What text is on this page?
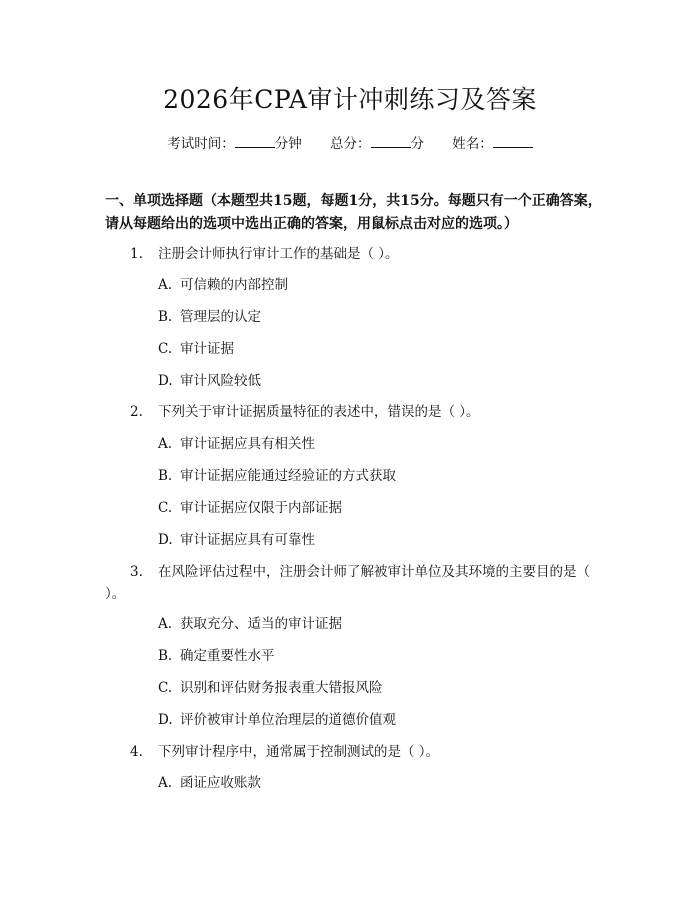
2026年CPA审计冲刺练习及答案
考试时间：	分钟 总分：	分 姓名：
一、单项选择题（本题型共15题，每题1分，共15分。每题只有一个正确答案，请从每题给出的选项中选出正确的答案，用鼠标点击对应的选项。）
1. 注册会计师执行审计工作的基础是（ ）。
A. 可信赖的内部控制
B. 管理层的认定
C. 审计证据
D. 审计风险较低
2. 下列关于审计证据质量特征的表述中，错误的是（ ）。
A. 审计证据应具有相关性
B. 审计证据应能通过经验证的方式获取
C. 审计证据应仅限于内部证据
D. 审计证据应具有可靠性
3. 在风险评估过程中，注册会计师了解被审计单位及其环境的主要目的是（ ）。
A. 获取充分、适当的审计证据
B. 确定重要性水平
C. 识别和评估财务报表重大错报风险
D. 评价被审计单位治理层的道德价值观
4. 下列审计程序中，通常属于控制测试的是（ ）。
A. 函证应收账款
